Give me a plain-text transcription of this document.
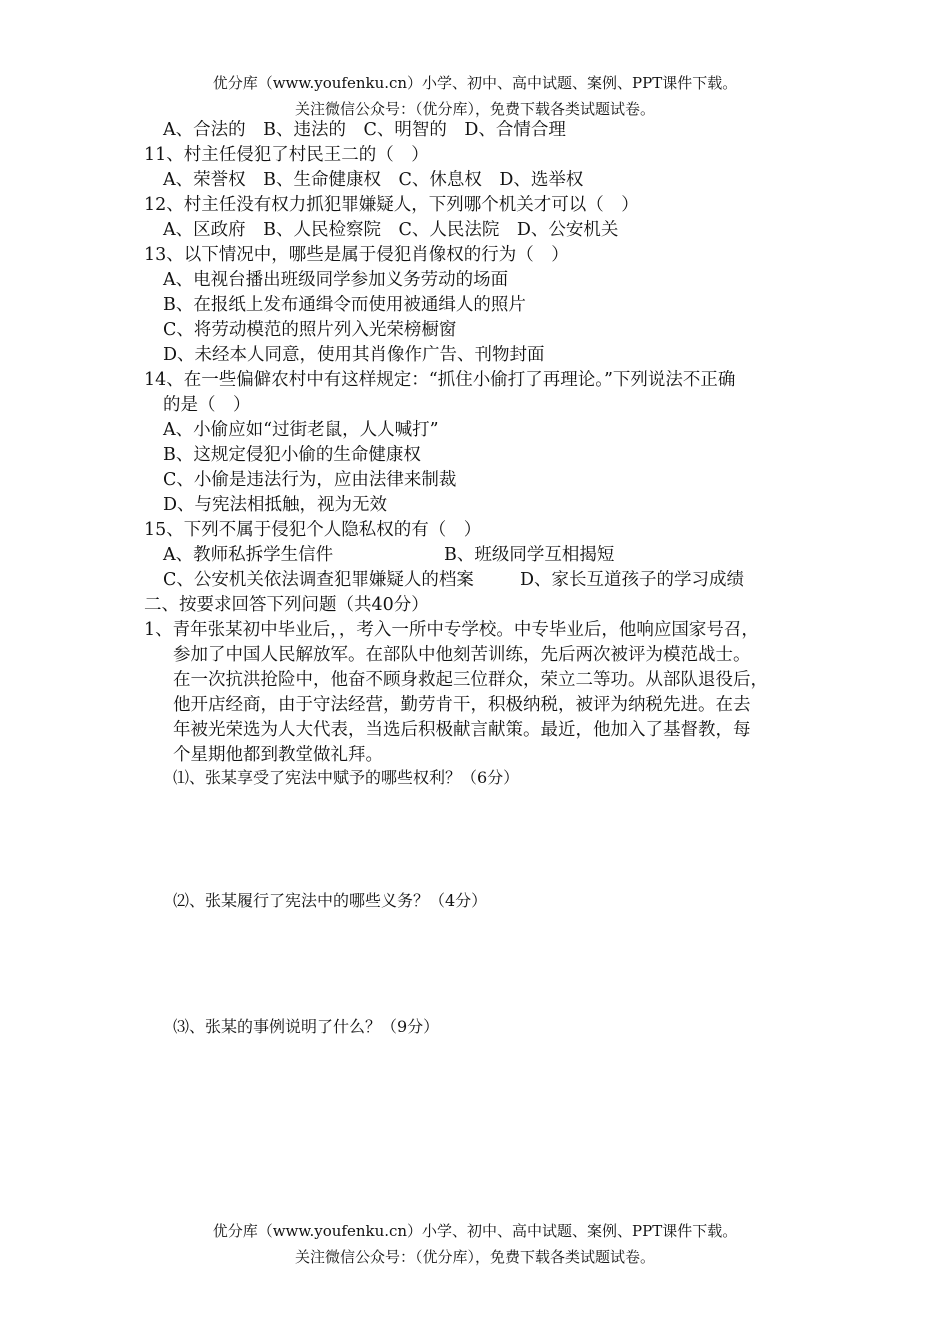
优分库（www.youfenku.cn）小学、初中、高中试题、案例、PPT课件下载。
关注微信公众号：（优分库），免费下载各类试题试卷。
A、合法的　B、违法的　C、明智的　D、合情合理
11、村主任侵犯了村民王二的（　）
A、荣誉权　B、生命健康权　C、休息权　D、选举权
12、村主任没有权力抓犯罪嫌疑人，下列哪个机关才可以（　）
A、区政府　B、人民检察院　C、人民法院　D、公安机关
13、以下情况中，哪些是属于侵犯肖像权的行为（　）
A、电视台播出班级同学参加义务劳动的场面
B、在报纸上发布通缉令而使用被通缉人的照片
C、将劳动模范的照片列入光荣榜橱窗
D、未经本人同意，使用其肖像作广告、刊物封面
14、在一些偏僻农村中有这样规定：“抓住小偷打了再理论。”下列说法不正确
的是（　）
A、小偷应如“过街老鼠，人人喊打”
B、这规定侵犯小偷的生命健康权
C、小偷是违法行为，应由法律来制裁
D、与宪法相抵触，视为无效
15、下列不属于侵犯个人隐私权的有（　）
A、教师私拆学生信件	B、班级同学互相揭短
C、公安机关依法调查犯罪嫌疑人的档案	D、家长互道孩子的学习成绩
二、按要求回答下列问题（共40分）
1、青年张某初中毕业后，，考入一所中专学校。中专毕业后，他响应国家号召，
参加了中国人民解放军。在部队中他刻苦训练，先后两次被评为模范战士。
在一次抗洪抢险中，他奋不顾身救起三位群众，荣立二等功。从部队退役后，
他开店经商，由于守法经营，勤劳肯干，积极纳税，被评为纳税先进。在去
年被光荣选为人大代表，当选后积极献言献策。最近，他加入了基督教，每
个星期他都到教堂做礼拜。
⑴、张某享受了宪法中赋予的哪些权利？（6分）
⑵、张某履行了宪法中的哪些义务？（4分）
⑶、张某的事例说明了什么？（9分）
优分库（www.youfenku.cn）小学、初中、高中试题、案例、PPT课件下载。
关注微信公众号：（优分库），免费下载各类试题试卷。
